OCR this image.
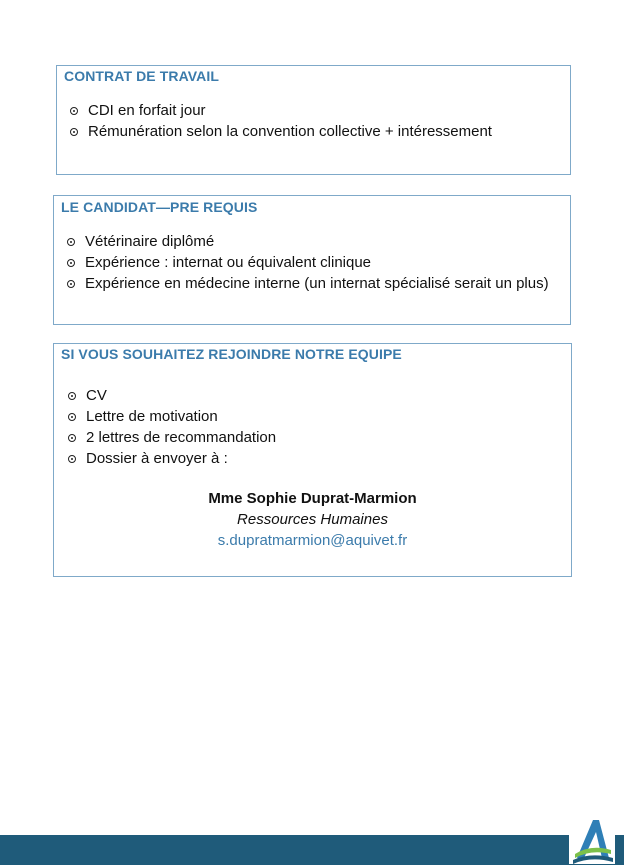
CONTRAT DE TRAVAIL
CDI en forfait jour
Rémunération selon la convention collective + intéressement
LE CANDIDAT—PRE REQUIS
Vétérinaire diplômé
Expérience : internat ou équivalent clinique
Expérience en médecine interne (un internat spécialisé serait un plus)
SI VOUS SOUHAITEZ REJOINDRE NOTRE EQUIPE
CV
Lettre de motivation
2 lettres de recommandation
Dossier à envoyer à :
Mme Sophie Duprat-Marmion
Ressources Humaines
s.dupratmarmion@aquivet.fr
